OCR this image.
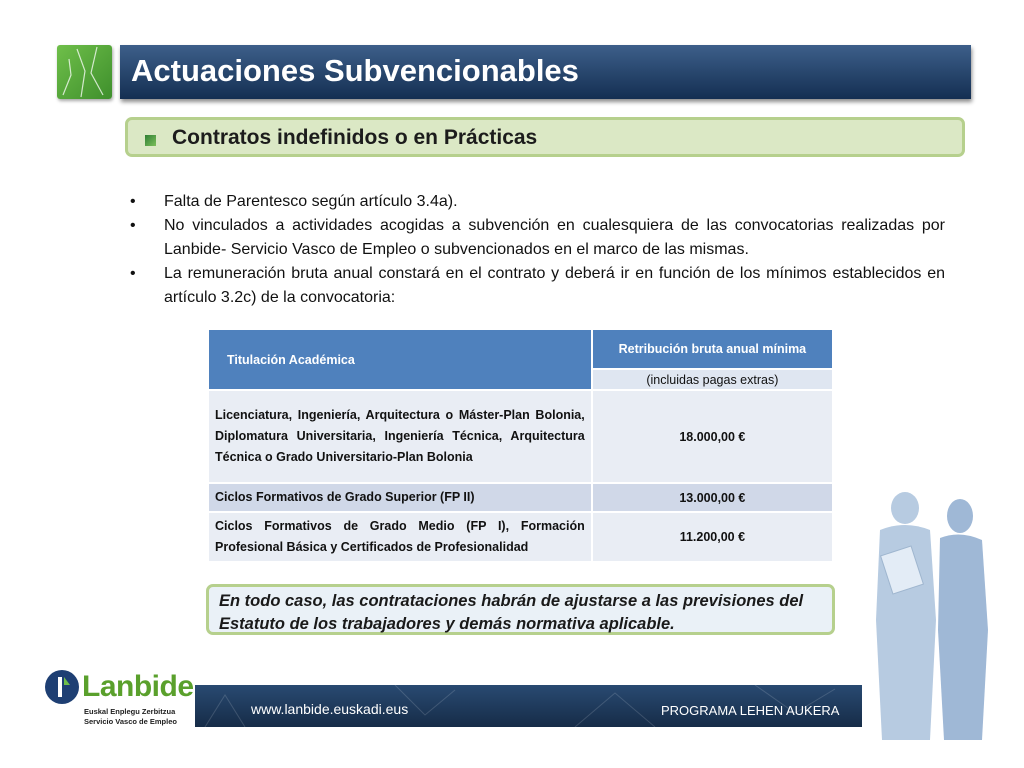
Actuaciones Subvencionables
Contratos indefinidos o en Prácticas
• Falta de Parentesco según artículo 3.4a).
• No vinculados a actividades acogidas a subvención en cualesquiera de las convocatorias realizadas por Lanbide- Servicio Vasco de Empleo o subvencionados en el marco de las mismas.
• La remuneración bruta anual constará en el contrato y deberá ir en función de los mínimos establecidos en artículo 3.2c) de la convocatoria:
Titulación Académica	Retribución bruta anual mínima
	(incluidas pagas extras)
Licenciatura, Ingeniería, Arquitectura o Máster-Plan Bolonia, Diplomatura Universitaria, Ingeniería Técnica, Arquitectura Técnica o Grado Universitario-Plan Bolonia	18.000,00 €
Ciclos Formativos de Grado Superior (FP II)	13.000,00 €
Ciclos Formativos de Grado Medio (FP I), Formación Profesional Básica y Certificados de Profesionalidad	11.200,00 €
En todo caso, las contrataciones habrán de ajustarse a las previsiones del Estatuto de los trabajadores y demás normativa aplicable.
Lanbide
Euskal Enplegu Zerbitzua
Servicio Vasco de Empleo
www.lanbide.euskadi.eus	PROGRAMA LEHEN AUKERA
